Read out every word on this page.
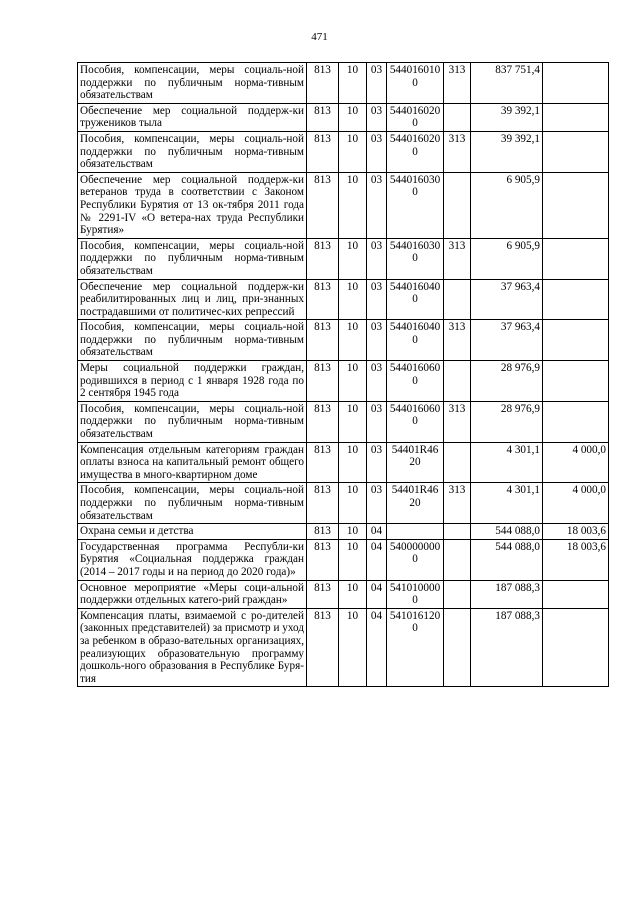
471
Пособия, компенсации, меры социаль-ной поддержки по публичным норма-тивным обязательствам	813	10	03	5440160100	313	837 751,4	
Обеспечение мер социальной поддерж-ки тружеников тыла	813	10	03	5440160200		39 392,1	
Пособия, компенсации, меры социаль-ной поддержки по публичным норма-тивным обязательствам	813	10	03	5440160200	313	39 392,1	
Обеспечение мер социальной поддерж-ки ветеранов труда в соответствии с Законом Республики Бурятия от 13 ок-тября 2011 года № 2291-IV «О ветера-нах труда Республики Бурятия»	813	10	03	5440160300		6 905,9	
Пособия, компенсации, меры социаль-ной поддержки по публичным норма-тивным обязательствам	813	10	03	5440160300	313	6 905,9	
Обеспечение мер социальной поддерж-ки реабилитированных лиц и лиц, при-знанных пострадавшими от политичес-ких репрессий	813	10	03	5440160400		37 963,4	
Пособия, компенсации, меры социаль-ной поддержки по публичным норма-тивным обязательствам	813	10	03	5440160400	313	37 963,4	
Меры социальной поддержки граждан, родившихся в период с 1 января 1928 года по 2 сентября 1945 года	813	10	03	5440160600		28 976,9	
Пособия, компенсации, меры социаль-ной поддержки по публичным норма-тивным обязательствам	813	10	03	5440160600	313	28 976,9	
Компенсация отдельным категориям граждан оплаты взноса на капитальный ремонт общего имущества в много-квартирном доме	813	10	03	54401R4620		4 301,1	4 000,0
Пособия, компенсации, меры социаль-ной поддержки по публичным норма-тивным обязательствам	813	10	03	54401R4620	313	4 301,1	4 000,0
Охрана семьи и детства	813	10	04			544 088,0	18 003,6
Государственная программа Республи-ки Бурятия «Социальная поддержка граждан (2014 – 2017 годы и на период до 2020 года)»	813	10	04	5400000000		544 088,0	18 003,6
Основное мероприятие «Меры соци-альной поддержки отдельных катего-рий граждан»	813	10	04	5410100000		187 088,3	
Компенсация платы, взимаемой с ро-дителей (законных представителей) за присмотр и уход за ребенком в образо-вательных организациях, реализующих образовательную программу дошколь-ного образования в Республике Буря-тия	813	10	04	5410161200		187 088,3	
